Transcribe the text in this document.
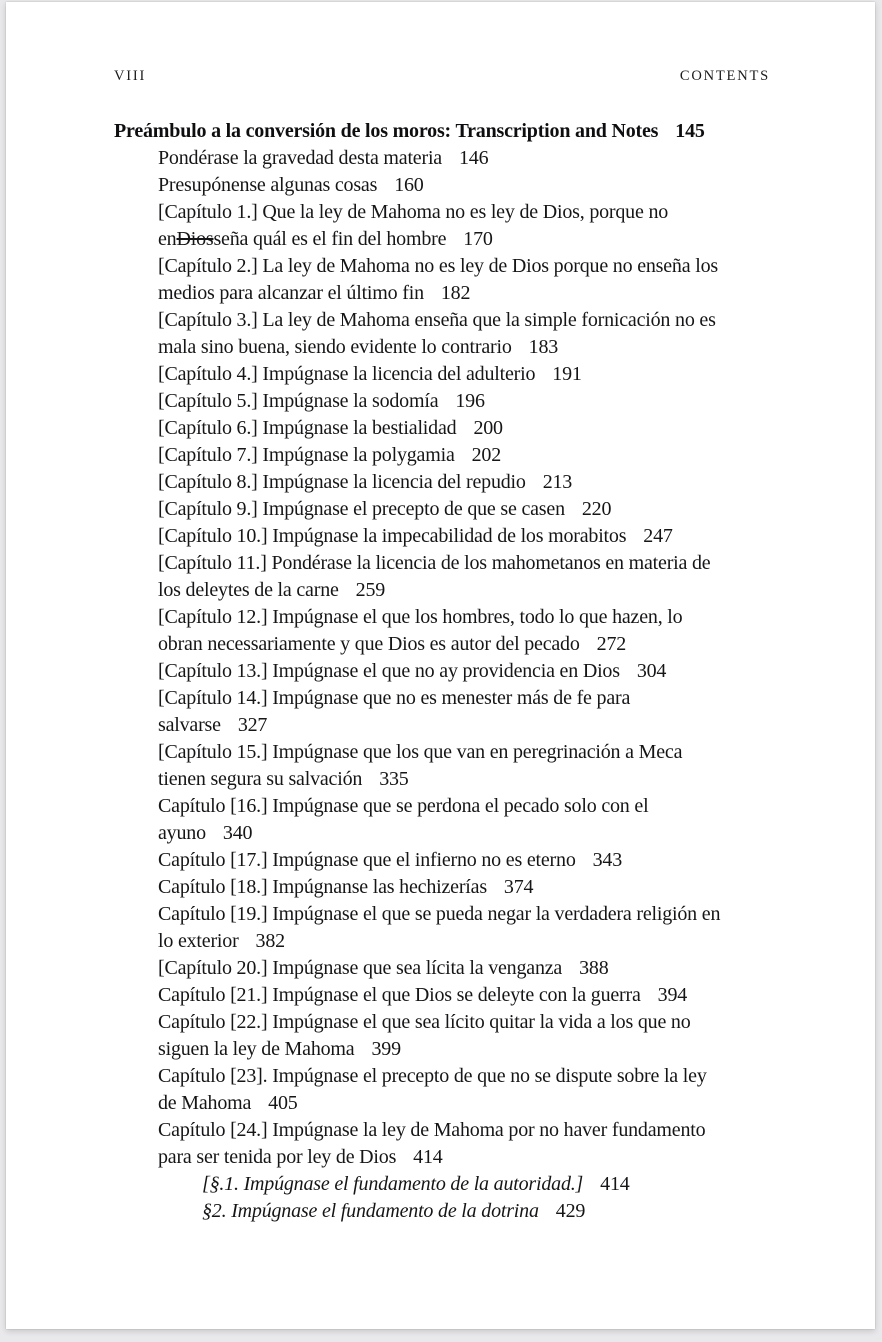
VIII	CONTENTS
Preámbulo a la conversión de los moros: Transcription and Notes 145
Pondérase la gravedad desta materia 146
Presupónense algunas cosas 160
[Capítulo 1.] Que la ley de Mahoma no es ley de Dios, porque no
enDiosseña quál es el fin del hombre 170
[Capítulo 2.] La ley de Mahoma no es ley de Dios porque no enseña los
medios para alcanzar el último fin 182
[Capítulo 3.] La ley de Mahoma enseña que la simple fornicación no es
mala sino buena, siendo evidente lo contrario 183
[Capítulo 4.] Impúgnase la licencia del adulterio 191
[Capítulo 5.] Impúgnase la sodomía 196
[Capítulo 6.] Impúgnase la bestialidad 200
[Capítulo 7.] Impúgnase la polygamia 202
[Capítulo 8.] Impúgnase la licencia del repudio 213
[Capítulo 9.] Impúgnase el precepto de que se casen 220
[Capítulo 10.] Impúgnase la impecabilidad de los morabitos 247
[Capítulo 11.] Pondérase la licencia de los mahometanos en materia de
los deleytes de la carne 259
[Capítulo 12.] Impúgnase el que los hombres, todo lo que hazen, lo
obran necessariamente y que Dios es autor del pecado 272
[Capítulo 13.] Impúgnase el que no ay providencia en Dios 304
[Capítulo 14.] Impúgnase que no es menester más de fe para
salvarse 327
[Capítulo 15.] Impúgnase que los que van en peregrinación a Meca
tienen segura su salvación 335
Capítulo [16.] Impúgnase que se perdona el pecado solo con el
ayuno 340
Capítulo [17.] Impúgnase que el infierno no es eterno 343
Capítulo [18.] Impúgnanse las hechizerías 374
Capítulo [19.] Impúgnase el que se pueda negar la verdadera religión en
lo exterior 382
[Capítulo 20.] Impúgnase que sea lícita la venganza 388
Capítulo [21.] Impúgnase el que Dios se deleyte con la guerra 394
Capítulo [22.] Impúgnase el que sea lícito quitar la vida a los que no
siguen la ley de Mahoma 399
Capítulo [23]. Impúgnase el precepto de que no se dispute sobre la ley
de Mahoma 405
Capítulo [24.] Impúgnase la ley de Mahoma por no haver fundamento
para ser tenida por ley de Dios 414
[§.1. Impúgnase el fundamento de la autoridad.] 414
§2. Impúgnase el fundamento de la dotrina 429
